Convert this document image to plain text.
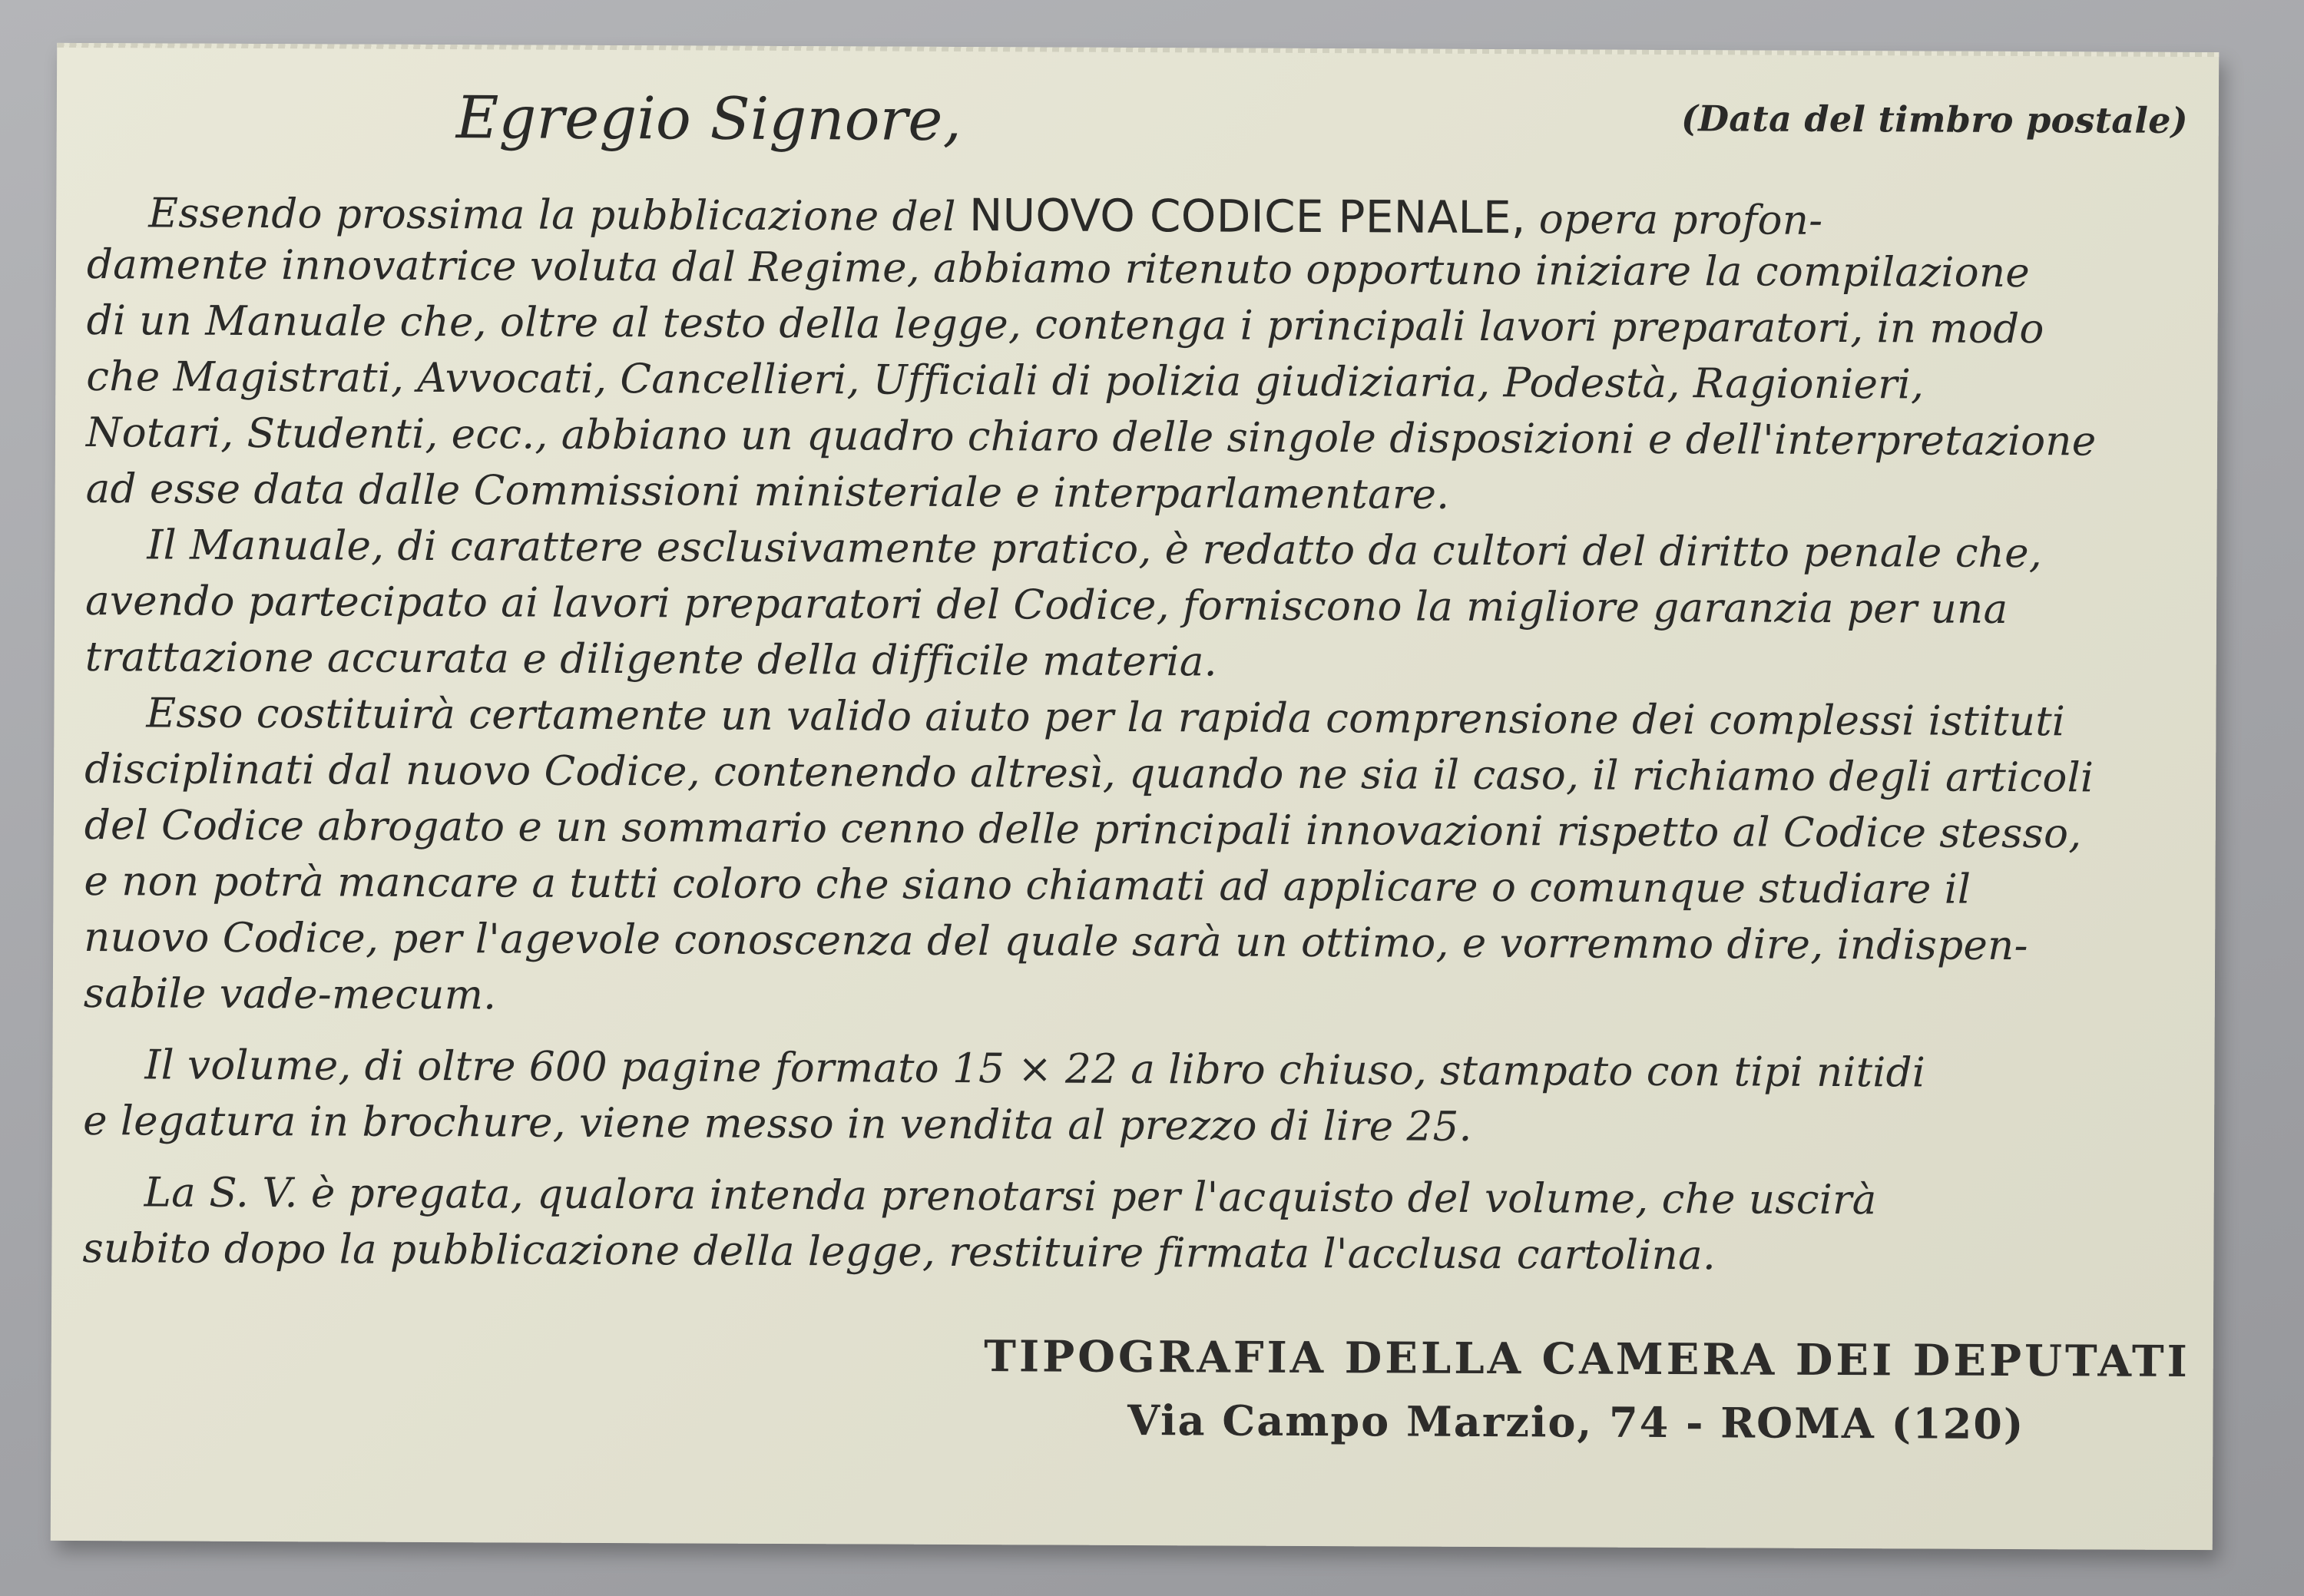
Egregio Signore,	(Data del timbro postale)
Essendo prossima la pubblicazione del NUOVO CODICE PENALE, opera profon-
damente innovatrice voluta dal Regime, abbiamo ritenuto opportuno iniziare la compilazione
di un Manuale che, oltre al testo della legge, contenga i principali lavori preparatori, in modo
che Magistrati, Avvocati, Cancellieri, Ufficiali di polizia giudiziaria, Podestà, Ragionieri,
Notari, Studenti, ecc., abbiano un quadro chiaro delle singole disposizioni e dell'interpretazione
ad esse data dalle Commissioni ministeriale e interparlamentare.
Il Manuale, di carattere esclusivamente pratico, è redatto da cultori del diritto penale che,
avendo partecipato ai lavori preparatori del Codice, forniscono la migliore garanzia per una
trattazione accurata e diligente della difficile materia.
Esso costituirà certamente un valido aiuto per la rapida comprensione dei complessi istituti
disciplinati dal nuovo Codice, contenendo altresì, quando ne sia il caso, il richiamo degli articoli
del Codice abrogato e un sommario cenno delle principali innovazioni rispetto al Codice stesso,
e non potrà mancare a tutti coloro che siano chiamati ad applicare o comunque studiare il
nuovo Codice, per l'agevole conoscenza del quale sarà un ottimo, e vorremmo dire, indispen-
sabile vade-mecum.
Il volume, di oltre 600 pagine formato 15 × 22 a libro chiuso, stampato con tipi nitidi
e legatura in brochure, viene messo in vendita al prezzo di lire 25.
La S. V. è pregata, qualora intenda prenotarsi per l'acquisto del volume, che uscirà
subito dopo la pubblicazione della legge, restituire firmata l'acclusa cartolina.
TIPOGRAFIA DELLA CAMERA DEI DEPUTATI
Via Campo Marzio, 74 - ROMA (120)
